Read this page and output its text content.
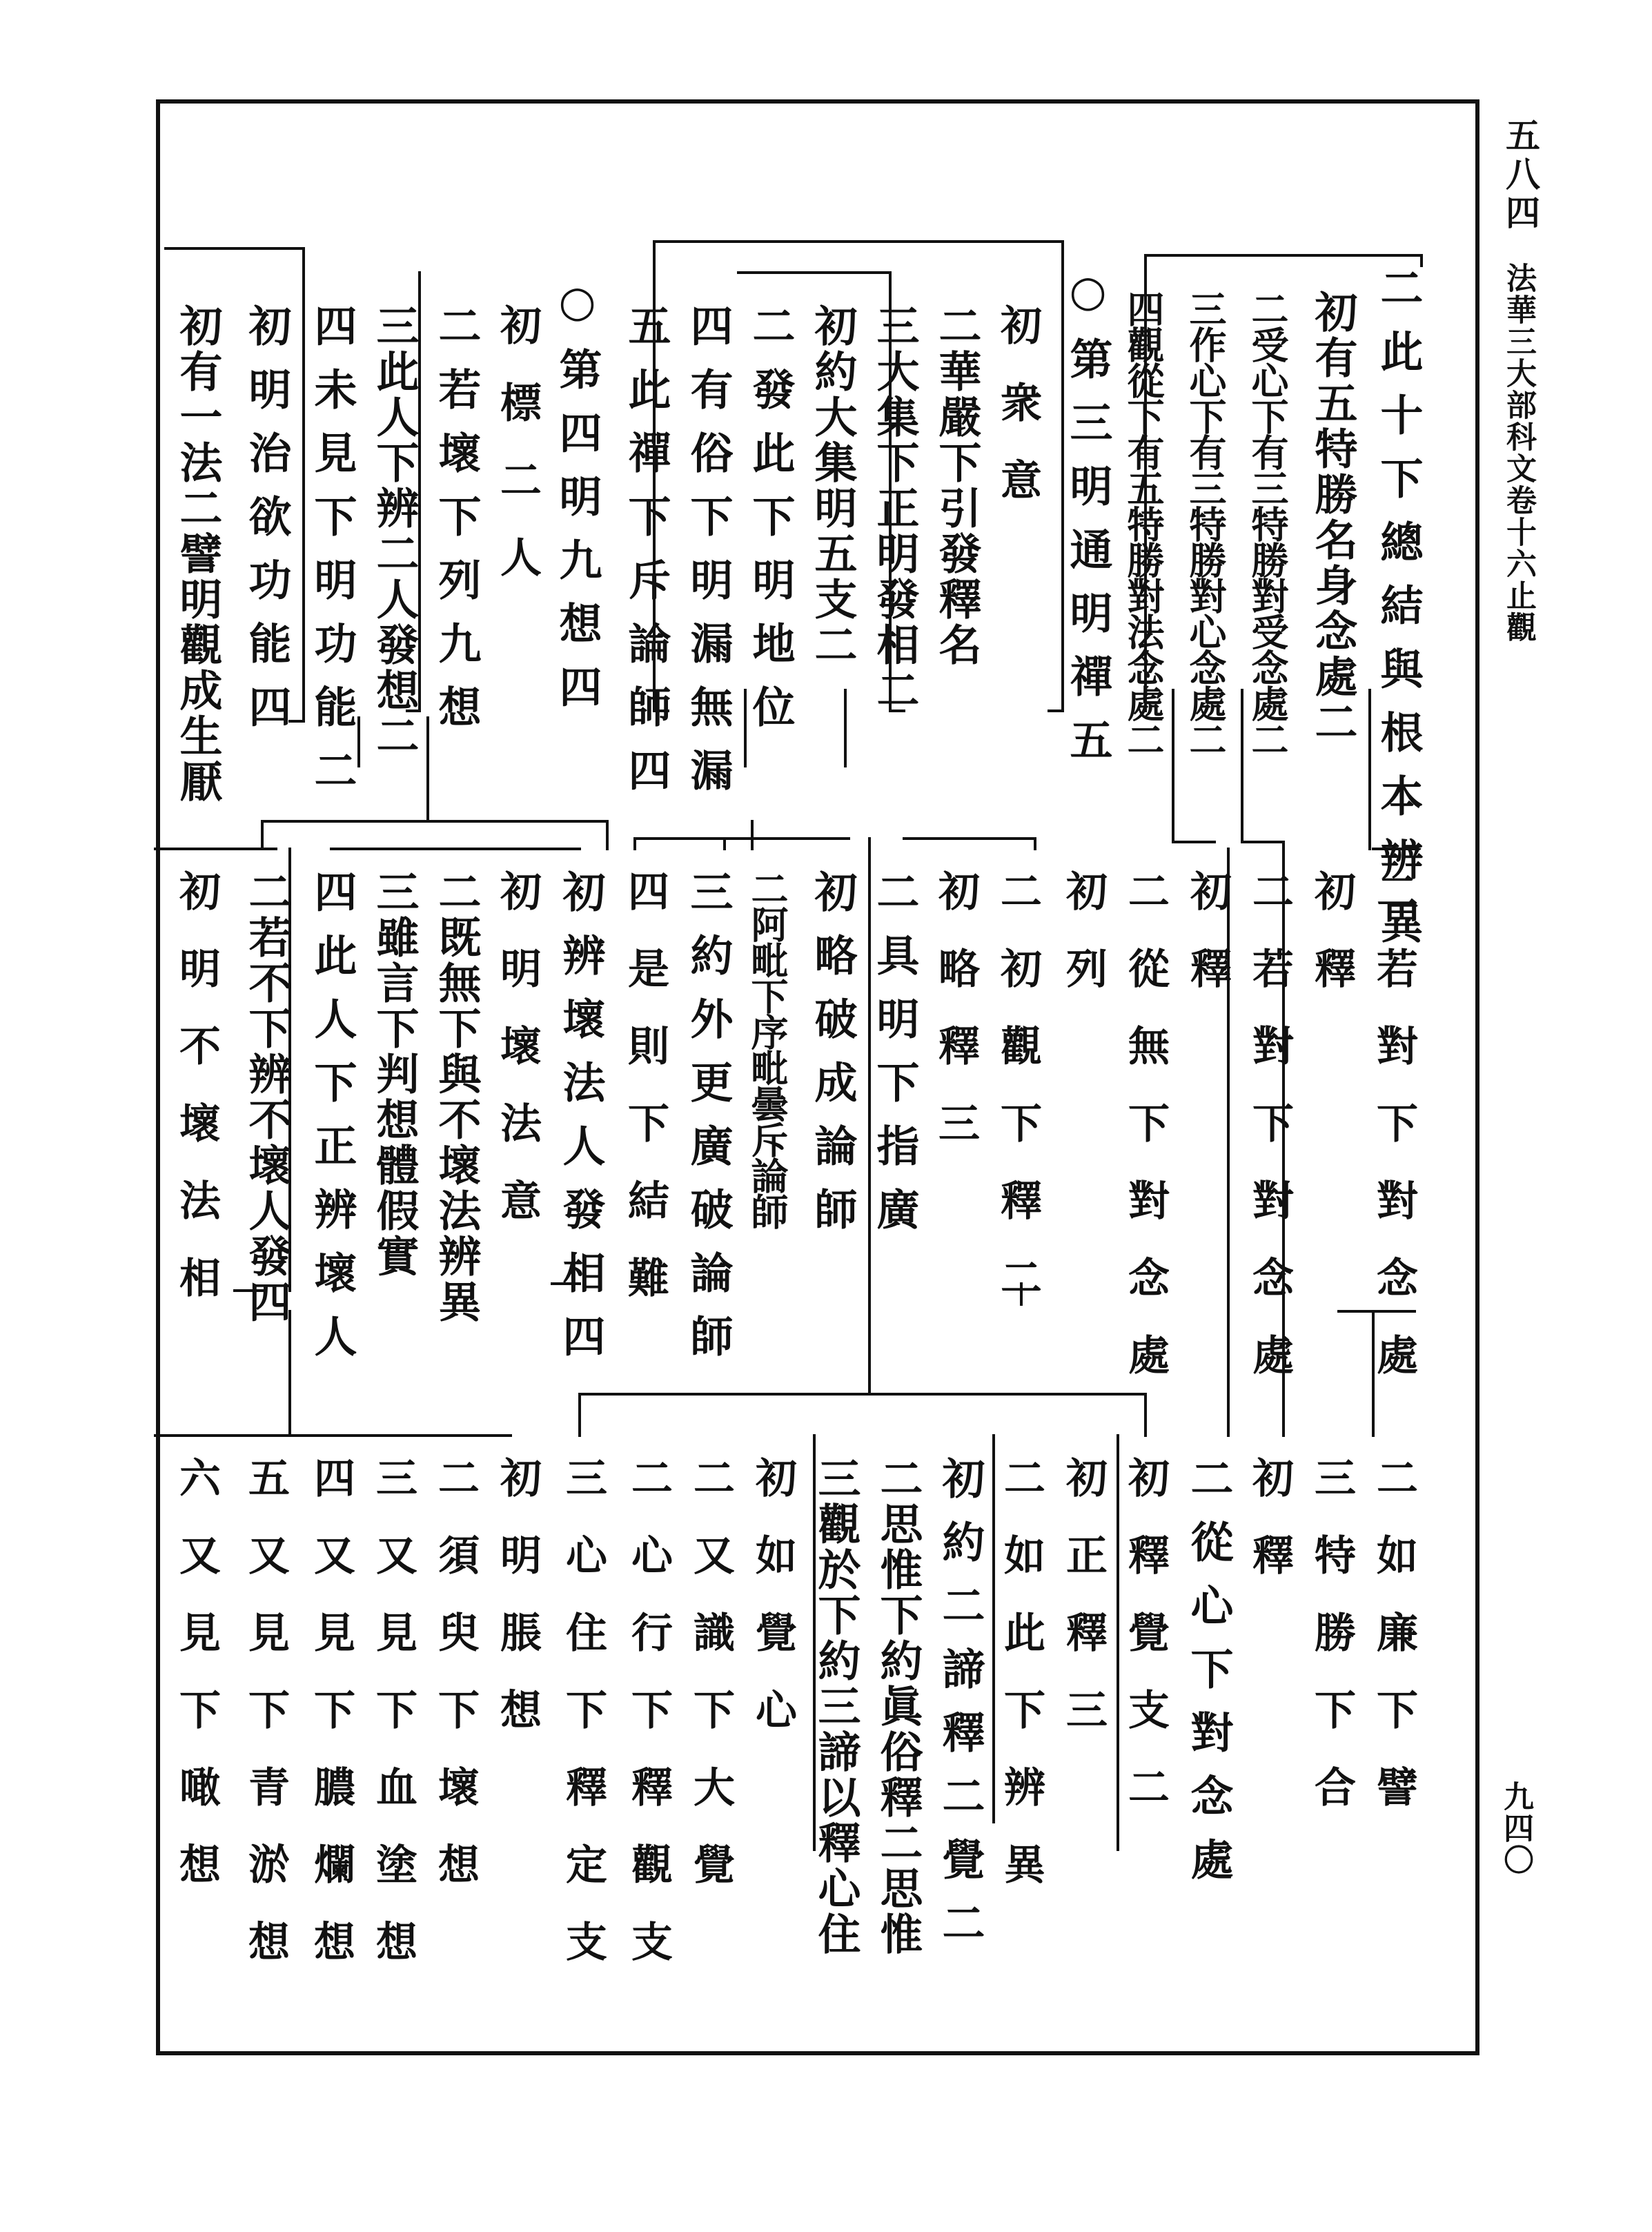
五八四
法華三大部科文卷十六止觀
九四〇
二此十下總結與根本辨異
初有五特勝名身念處二
二受心下有三特勝對受念處二
三作心下有三特勝對心念處二
四觀從下有五特勝對法念處二
○第三明通明禪五
初衆意
二華嚴下引發釋名
三大集下正明發相二
初約大集明五支二
二發此下明地位
四有俗下明漏無漏
五此禪下斥論師四
○第四明九想四
初標二人
二若壞下列九想
三此人下辨二人發想二
四未見下明功能二
初明治欲功能四
初有一法二譬明觀成生厭
二若對下對念處
初釋
二若對下對念處
初釋
二從無下對念處
初列
二初觀下釋二
初略釋三
二具明下指廣
初略破成論師
二阿毗下序毗曇斥論師
三約外更廣破論師
四是則下結難
初辨壞法人發相四
初明壞法意
二既無下與不壞法辨異
三雖言下判想體假實
四此人下正辨壞人
二若不下辨不壞人發四
初明不壞法相
二如廉下譬
三特勝下合
初釋
二從心下對念處
初釋覺支二
初正釋三
二如此下辨異
初約二諦釋二覺二
二思惟下約眞俗釋二思惟
三觀於下約三諦以釋心住
初如覺心
二又識下大覺
二心行下釋觀支
三心住下釋定支
初明脹想
二須臾下壞想
三又見下血塗想
四又見下膿爛想
五又見下青淤想
六又見下噉想
